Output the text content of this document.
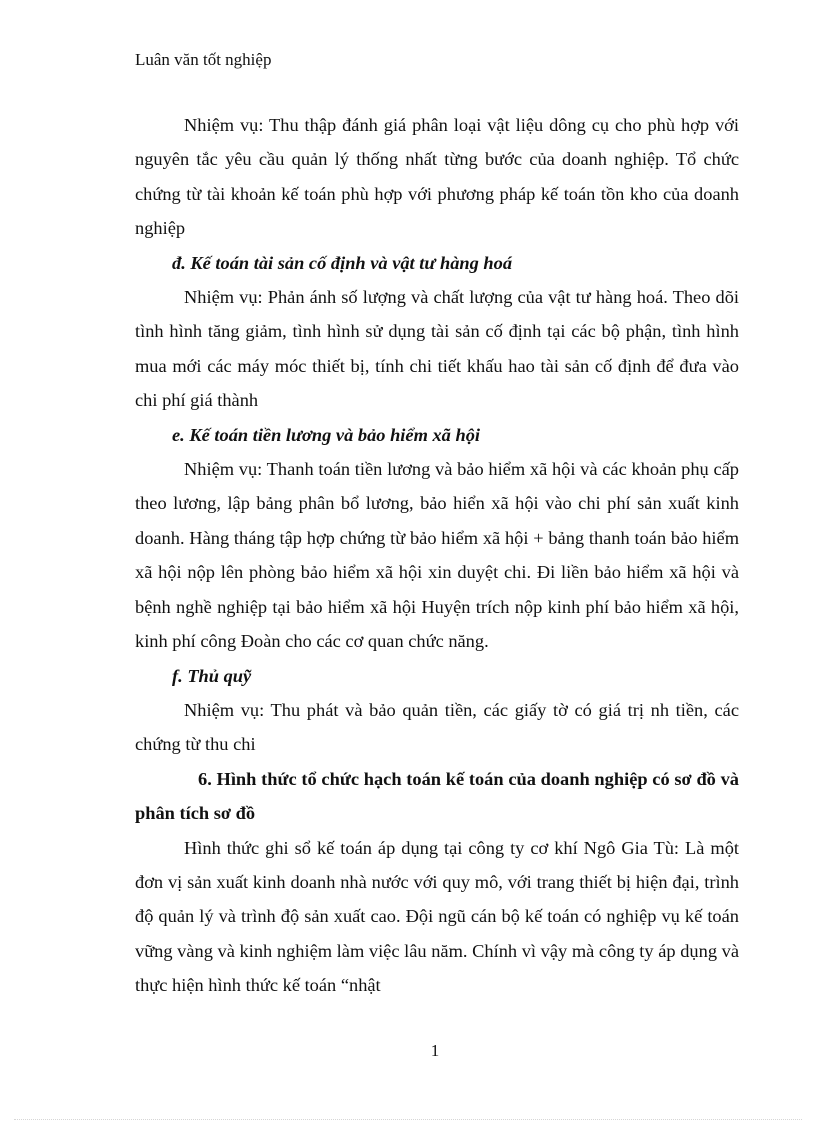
Luân văn tốt nghiệp

Nhiệm vụ: Thu thập đánh giá phân loại vật liệu dông cụ cho phù hợp với nguyên tắc yêu cầu quản lý thống nhất từng bước của doanh nghiệp. Tổ chức chứng từ tài khoản kế toán phù hợp với phương pháp kế toán tồn kho của doanh nghiệp

đ. Kế toán tài sản cố định và vật tư hàng hoá

Nhiệm vụ: Phản ánh số lượng và chất lượng của vật tư hàng hoá. Theo dõi tình hình tăng giảm, tình hình sử dụng tài sản cố định tại các bộ phận, tình hình mua mới các máy móc thiết bị, tính chi tiết khấu hao tài sản cố định để đưa vào chi phí giá thành

e. Kế toán tiền lương và bảo hiểm xã hội

Nhiệm vụ: Thanh toán tiền lương và bảo hiểm xã hội và các khoản phụ cấp theo lương, lập bảng phân bổ lương, bảo hiển xã hội vào chi phí sản xuất kinh doanh. Hàng tháng tập hợp chứng từ bảo hiểm xã hội + bảng thanh toán bảo hiểm xã hội nộp lên phòng bảo hiểm xã hội xin duyệt chi. Đi liền bảo hiểm xã hội và bệnh nghề nghiệp tại bảo hiểm xã hội Huyện trích nộp kinh phí bảo hiểm xã hội, kinh phí công Đoàn cho các cơ quan chức năng.

f. Thủ quỹ

Nhiệm vụ: Thu phát và bảo quản tiền, các giấy tờ có giá trị nh tiền, các chứng từ thu chi

6. Hình thức tổ chức hạch toán kế toán của doanh nghiệp có sơ đồ và phân tích sơ đồ

Hình thức ghi sổ kế toán áp dụng tại công ty cơ khí Ngô Gia Tù: Là một đơn vị sản xuất kinh doanh nhà nước với quy mô, với trang thiết bị hiện đại, trình độ quản lý và trình độ sản xuất cao. Đội ngũ cán bộ kế toán có nghiệp vụ kế toán vững vàng và kinh nghiệm làm việc lâu năm. Chính vì vậy mà công ty áp dụng và thực hiện hình thức kế toán “nhật

1
